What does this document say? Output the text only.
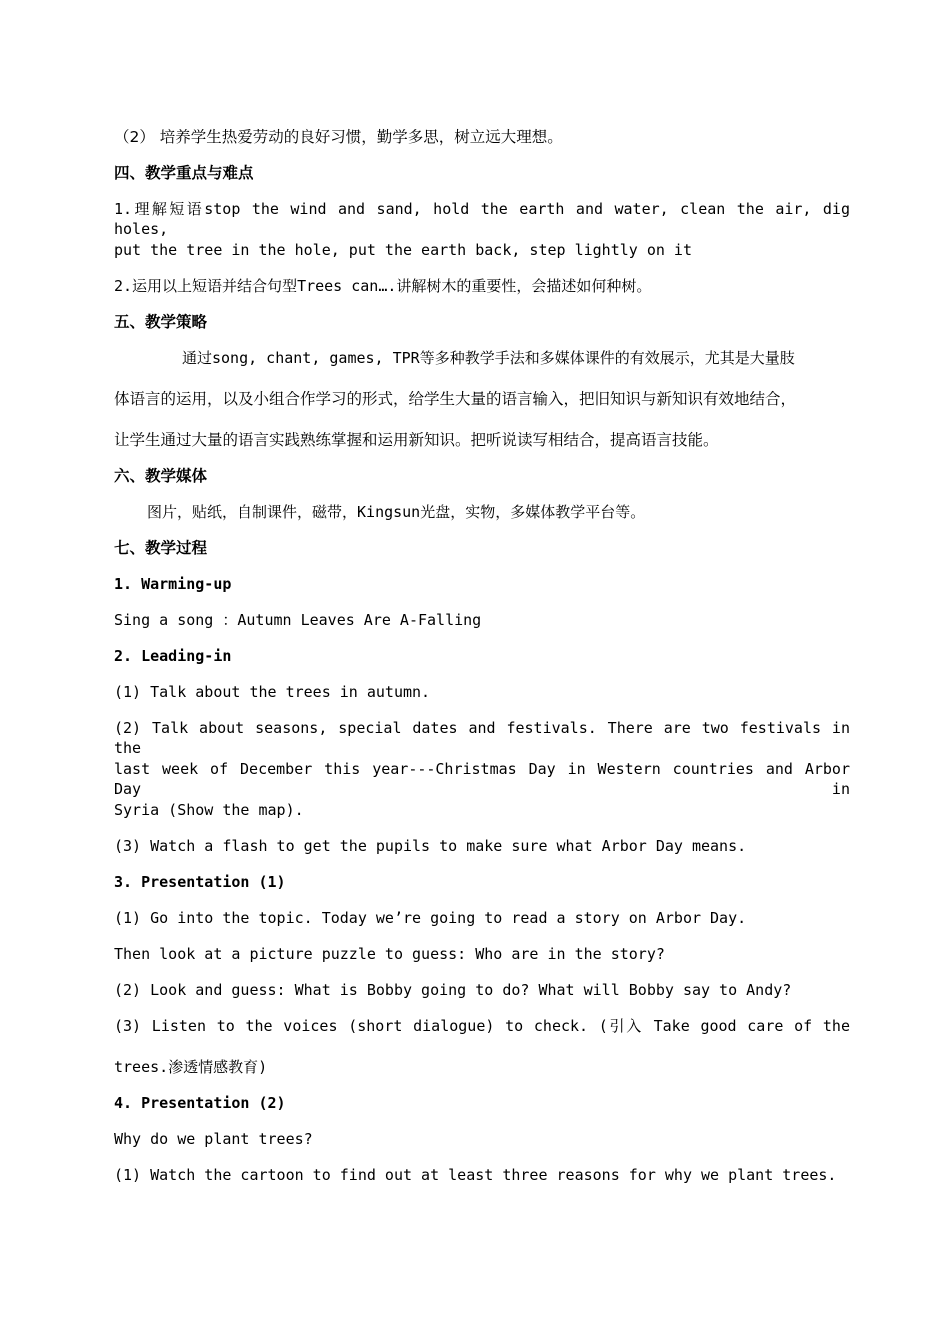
（2） 培养学生热爱劳动的良好习惯，勤学多思，树立远大理想。
四、教学重点与难点
1.理解短语stop the wind and sand, hold the earth and water, clean the air, dig holes,
put the tree in the hole, put the earth back, step lightly on it
2.运用以上短语并结合句型Trees can….讲解树木的重要性，会描述如何种树。
五、教学策略
通过song, chant, games, TPR等多种教学手法和多媒体课件的有效展示，尤其是大量肢
体语言的运用，以及小组合作学习的形式，给学生大量的语言输入，把旧知识与新知识有效地结合，
让学生通过大量的语言实践熟练掌握和运用新知识。把听说读写相结合，提高语言技能。
六、教学媒体
图片，贴纸，自制课件，磁带，Kingsun光盘，实物，多媒体教学平台等。
七、教学过程
1. Warming-up
Sing a song ：Autumn Leaves Are A-Falling
2. Leading-in
(1) Talk about the trees in autumn.
(2) Talk about seasons, special dates and festivals. There are two festivals in the
last week of December this year---Christmas Day in Western countries and Arbor Day in
Syria (Show the map).
(3) Watch a flash to get the pupils to make sure what Arbor Day means.
3. Presentation (1)
(1) Go into the topic. Today we’re going to read a story on Arbor Day.
Then look at a picture puzzle to guess: Who are in the story?
(2) Look and guess: What is Bobby going to do? What will Bobby say to Andy?
(3) Listen to the voices (short dialogue) to check. (引入 Take good care of the
trees.渗透情感教育)
4. Presentation (2)
Why do we plant trees?
(1) Watch the cartoon to find out at least three reasons for why we plant trees.
